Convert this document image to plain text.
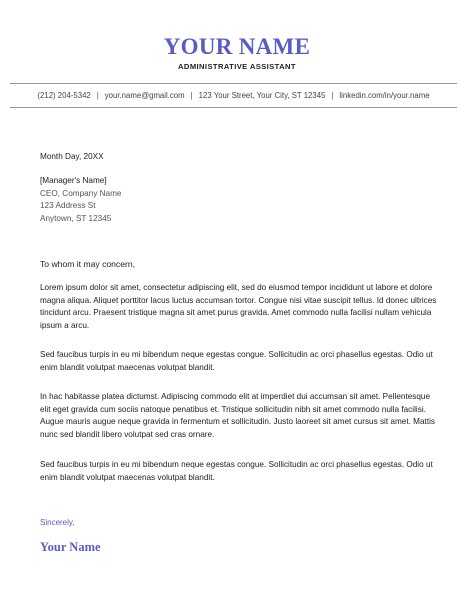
YOUR NAME
ADMINISTRATIVE ASSISTANT
(212) 204-5342 | your.name@gmail.com | 123 Your Street, Your City, ST 12345 | linkedin.com/in/your.name
Month Day, 20XX
[Manager's Name]
CEO, Company Name
123 Address St
Anytown, ST 12345
To whom it may concern,

Lorem ipsum dolor sit amet, consectetur adipiscing elit, sed do eiusmod tempor incididunt ut labore et dolore magna aliqua. Aliquet porttitor lacus luctus accumsan tortor. Congue nisi vitae suscipit tellus. Id donec ultrices tincidunt arcu. Praesent tristique magna sit amet purus gravida. Amet commodo nulla facilisi nullam vehicula ipsum a arcu.

Sed faucibus turpis in eu mi bibendum neque egestas congue. Sollicitudin ac orci phasellus egestas. Odio ut enim blandit volutpat maecenas volutpat blandit.

In hac habitasse platea dictumst. Adipiscing commodo elit at imperdiet dui accumsan sit amet. Pellentesque elit eget gravida cum sociis natoque penatibus et. Tristique sollicitudin nibh sit amet commodo nulla facilisi. Augue mauris augue neque gravida in fermentum et sollicitudin. Justo laoreet sit amet cursus sit amet. Mattis nunc sed blandit libero volutpat sed cras ornare.

Sed faucibus turpis in eu mi bibendum neque egestas congue. Sollicitudin ac orci phasellus egestas. Odio ut enim blandit volutpat maecenas volutpat blandit.

Sincerely,
Your Name
